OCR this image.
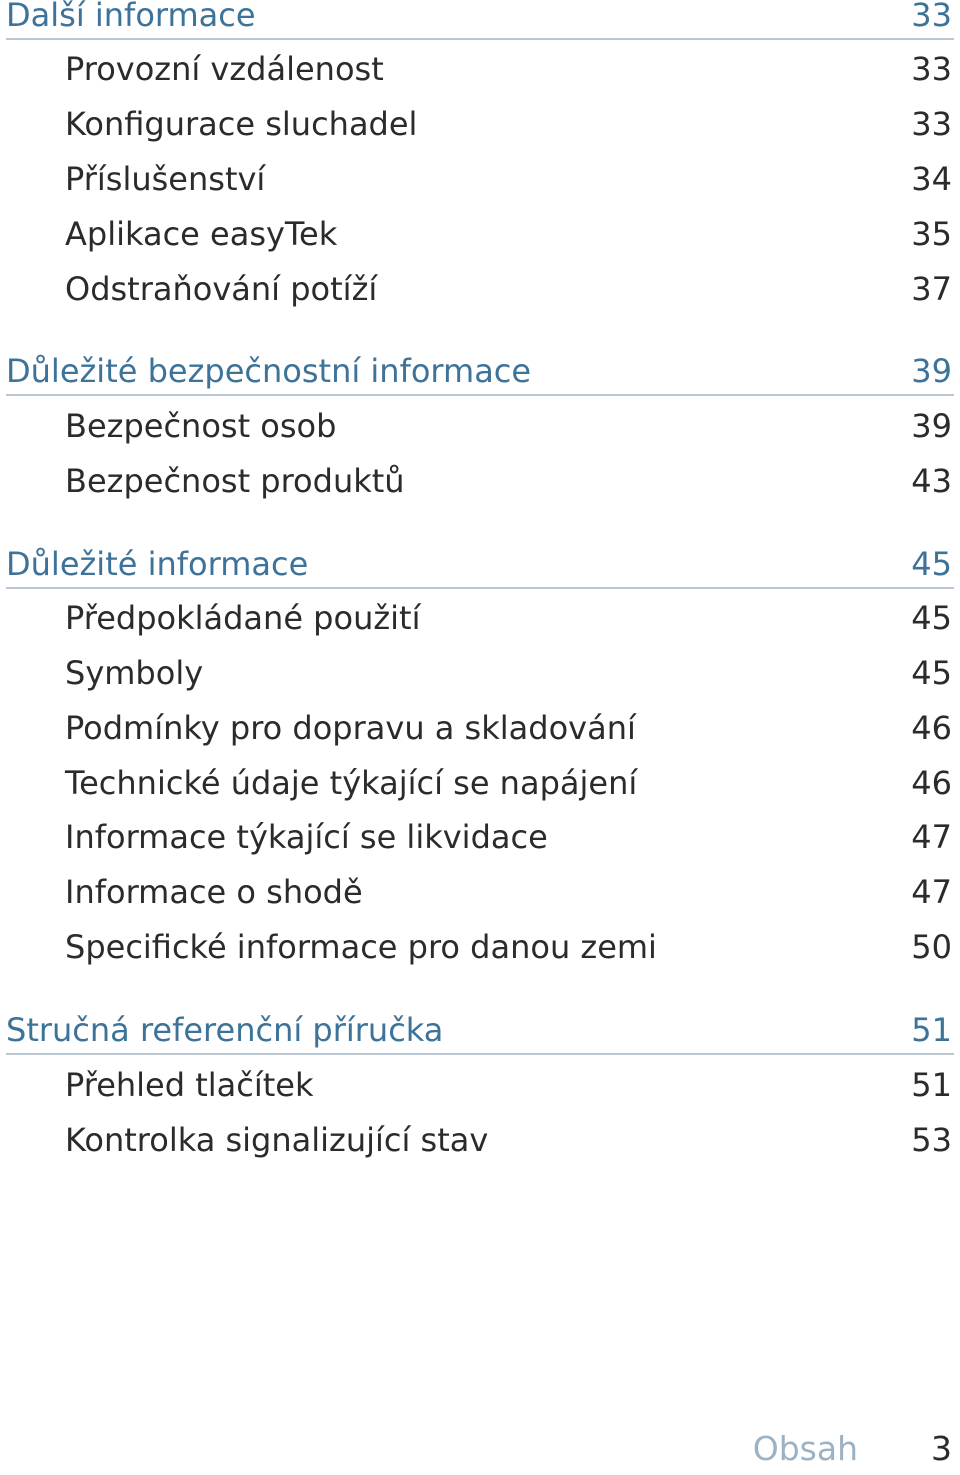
Další informace	33
Provozní vzdálenost	33
Konfigurace sluchadel	33
Příslušenství	34
Aplikace easyTek	35
Odstraňování potíží	37
Důležité bezpečnostní informace	39
Bezpečnost osob	39
Bezpečnost produktů	43
Důležité informace	45
Předpokládané použití	45
Symboly	45
Podmínky pro dopravu a skladování	46
Technické údaje týkající se napájení	46
Informace týkající se likvidace	47
Informace o shodě	47
Specifické informace pro danou zemi	50
Stručná referenční příručka	51
Přehled tlačítek	51
Kontrolka signalizující stav	53
Obsah 3
